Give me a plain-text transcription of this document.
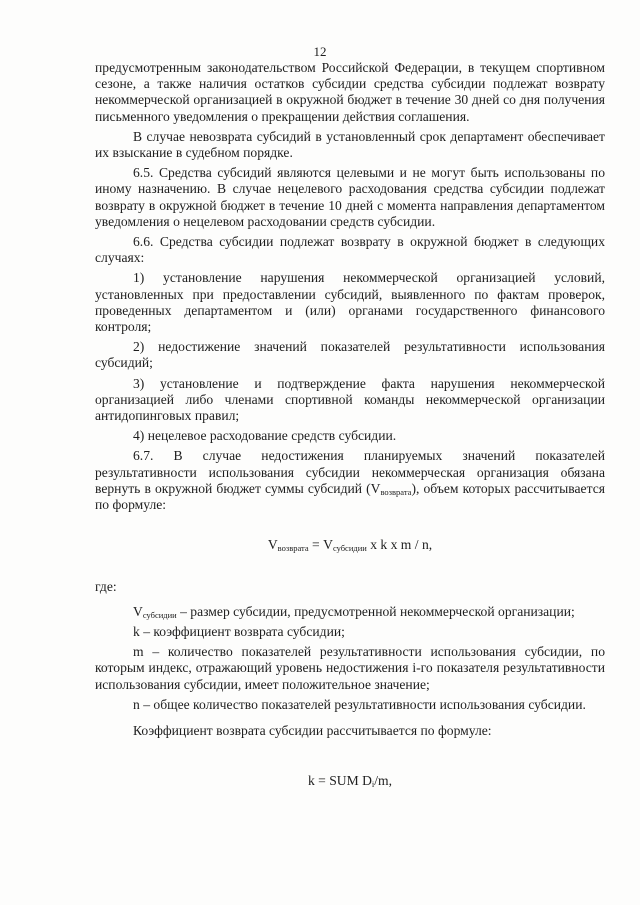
12

предусмотренным законодательством Российской Федерации, в текущем спортивном сезоне, а также наличия остатков субсидии средства субсидии подлежат возврату некоммерческой организацией в окружной бюджет в течение 30 дней со дня получения письменного уведомления о прекращении действия соглашения.

В случае невозврата субсидий в установленный срок департамент обеспечивает их взыскание в судебном порядке.

6.5. Средства субсидий являются целевыми и не могут быть использованы по иному назначению. В случае нецелевого расходования средства субсидии подлежат возврату в окружной бюджет в течение 10 дней с момента направления департаментом уведомления о нецелевом расходовании средств субсидии.

6.6. Средства субсидии подлежат возврату в окружной бюджет в следующих случаях:

1) установление нарушения некоммерческой организацией условий, установленных при предоставлении субсидий, выявленного по фактам проверок, проведенных департаментом и (или) органами государственного финансового контроля;

2) недостижение значений показателей результативности использования субсидий;

3) установление и подтверждение факта нарушения некоммерческой организацией либо членами спортивной команды некоммерческой организации антидопинговых правил;

4) нецелевое расходование средств субсидии.

6.7. В случае недостижения планируемых значений показателей результативности использования субсидии некоммерческая организация обязана вернуть в окружной бюджет суммы субсидий $(V_{возврата})$, объем которых рассчитывается по формуле:

$V_{возврата} = V_{субсидии}$ x k x m / n,

где:

$V_{субсидии}$ – размер субсидии, предусмотренной некоммерческой организации;

k – коэффициент возврата субсидии;

m – количество показателей результативности использования субсидии, по которым индекс, отражающий уровень недостижения i-го показателя результативности использования субсидии, имеет положительное значение;

n – общее количество показателей результативности использования субсидии.

Коэффициент возврата субсидии рассчитывается по формуле:

k = SUM $D_i/m$,
